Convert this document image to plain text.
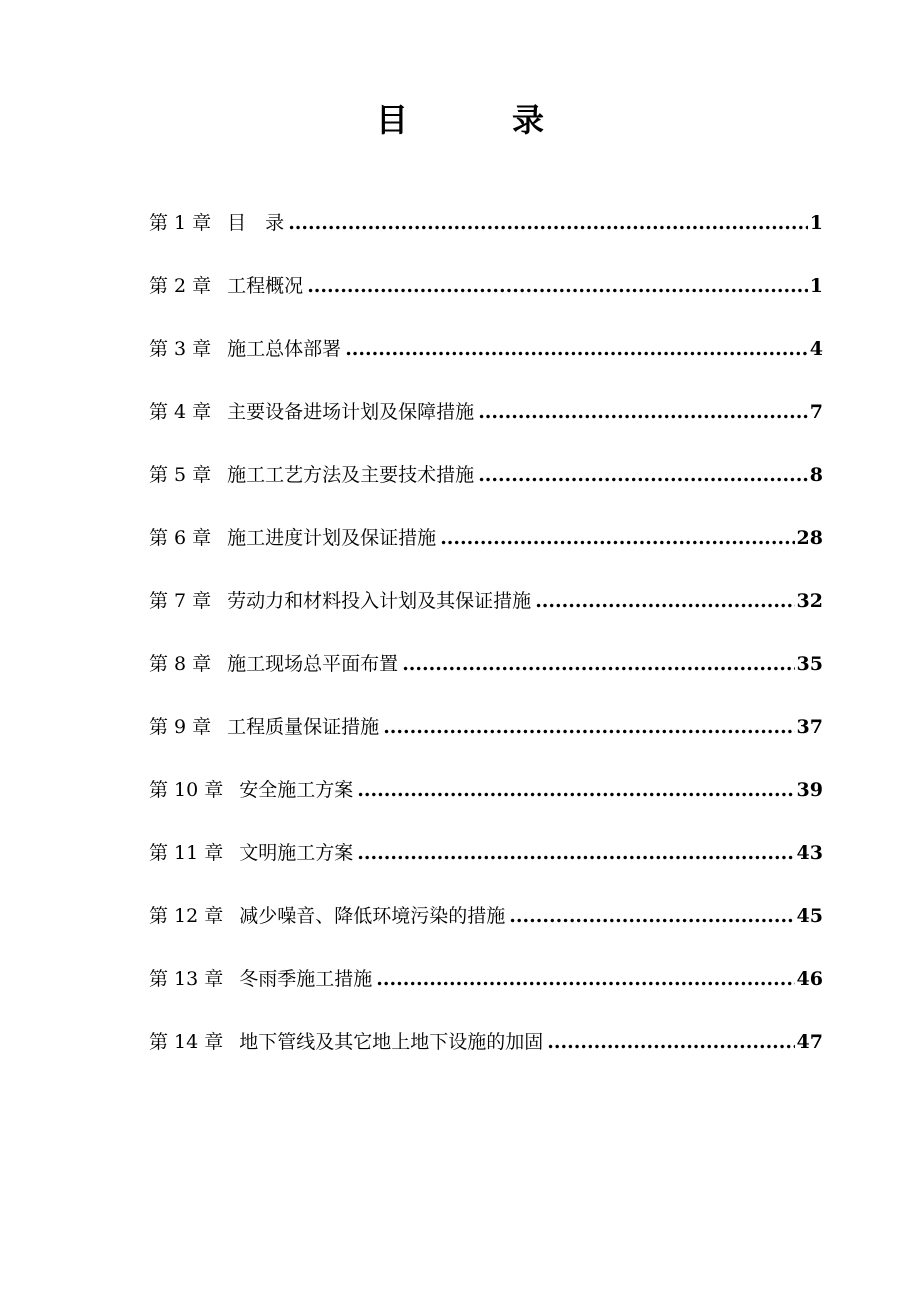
目　录
第 1 章 目　录 .....	1
第 2 章 工程概况 .....	1
第 3 章 施工总体部署 .....	4
第 4 章 主要设备进场计划及保障措施 .....	7
第 5 章 施工工艺方法及主要技术措施 .....	8
第 6 章 施工进度计划及保证措施 .....	28
第 7 章 劳动力和材料投入计划及其保证措施 .....	32
第 8 章 施工现场总平面布置 .....	35
第 9 章 工程质量保证措施 .....	37
第 10 章 安全施工方案 .....	39
第 11 章 文明施工方案 .....	43
第 12 章 减少噪音、降低环境污染的措施 .....	45
第 13 章 冬雨季施工措施 .....	46
第 14 章 地下管线及其它地上地下设施的加固 .....	47
